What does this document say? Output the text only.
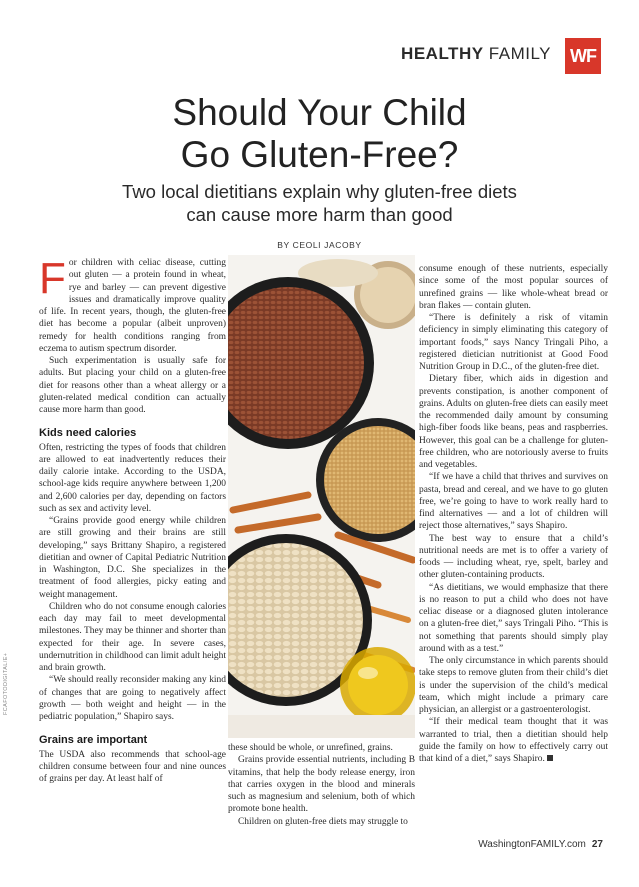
HEALTHY FAMILY WF
Should Your Child
Go Gluten-Free?
Two local dietitians explain why gluten-free diets
can cause more harm than good
BY CEOLI JACOBY

For children with celiac disease, cutting out gluten — a protein found in wheat, rye and barley — can prevent digestive issues and dramatically improve quality of life. In recent years, though, the gluten-free diet has become a popular (albeit unproven) remedy for health conditions ranging from eczema to autism spectrum disorder.

Such experimentation is usually safe for adults. But placing your child on a gluten-free diet for reasons other than a wheat allergy or a gluten-related medical condition can actually cause more harm than good.

Kids need calories

Often, restricting the types of foods that children are allowed to eat inadvertently reduces their daily calorie intake. According to the USDA, school-age kids require anywhere between 1,200 and 2,600 calories per day, depending on factors such as sex and activity level.

“Grains provide good energy while children are still growing and their brains are still developing,” says Brittany Shapiro, a registered dietitian and owner of Capital Pediatric Nutrition in Washington, D.C. She specializes in the treatment of food allergies, picky eating and weight management.

Children who do not consume enough calories each day may fail to meet developmental milestones. They may be thinner and shorter than expected for their age. In severe cases, undernutrition in childhood can limit adult height and brain growth.

“We should really reconsider making any kind of changes that are going to negatively affect growth — both weight and height — in the pediatric population,” Shapiro says.

Grains are important

The USDA also recommends that school-age children consume between four and nine ounces of grains per day. At least half of

these should be whole, or unrefined, grains.

Grains provide essential nutrients, including B vitamins, that help the body release energy, iron that carries oxygen in the blood and minerals such as magnesium and selenium, both of which promote bone health.

Children on gluten-free diets may struggle to

consume enough of these nutrients, especially since some of the most popular sources of unrefined grains — like whole-wheat bread or bran flakes — contain gluten.

“There is definitely a risk of vitamin deficiency in simply eliminating this category of important foods,” says Nancy Tringali Piho, a registered dietician nutritionist at Good Food Nutrition Group in D.C., of the gluten-free diet.

Dietary fiber, which aids in digestion and prevents constipation, is another component of grains. Adults on gluten-free diets can easily meet the recommended daily amount by consuming high-fiber foods like beans, peas and raspberries. However, this goal can be a challenge for gluten-free children, who are notoriously averse to fruits and vegetables.

“If we have a child that thrives and survives on pasta, bread and cereal, and we have to go gluten free, we’re going to have to work really hard to find alternatives — and a lot of children will reject those alternatives,” says Shapiro.

The best way to ensure that a child’s nutritional needs are met is to offer a variety of foods — including wheat, rye, spelt, barley and other gluten-containing products.

“As dietitians, we would emphasize that there is no reason to put a child who does not have celiac disease or a diagnosed gluten intolerance on a gluten-free diet,” says Tringali Piho. “This is not something that parents should simply play around with as a test.”

The only circumstance in which parents should take steps to remove gluten from their child’s diet is under the supervision of the child’s medical team, which might include a primary care physician, an allergist or a gastroenterologist.

“If their medical team thought that it was warranted to trial, then a dietitian should help guide the family on how to effectively carry out that kind of a diet,” says Shapiro.

FCAFOTODIGITAL/E+
WashingtonFAMILY.com 27
